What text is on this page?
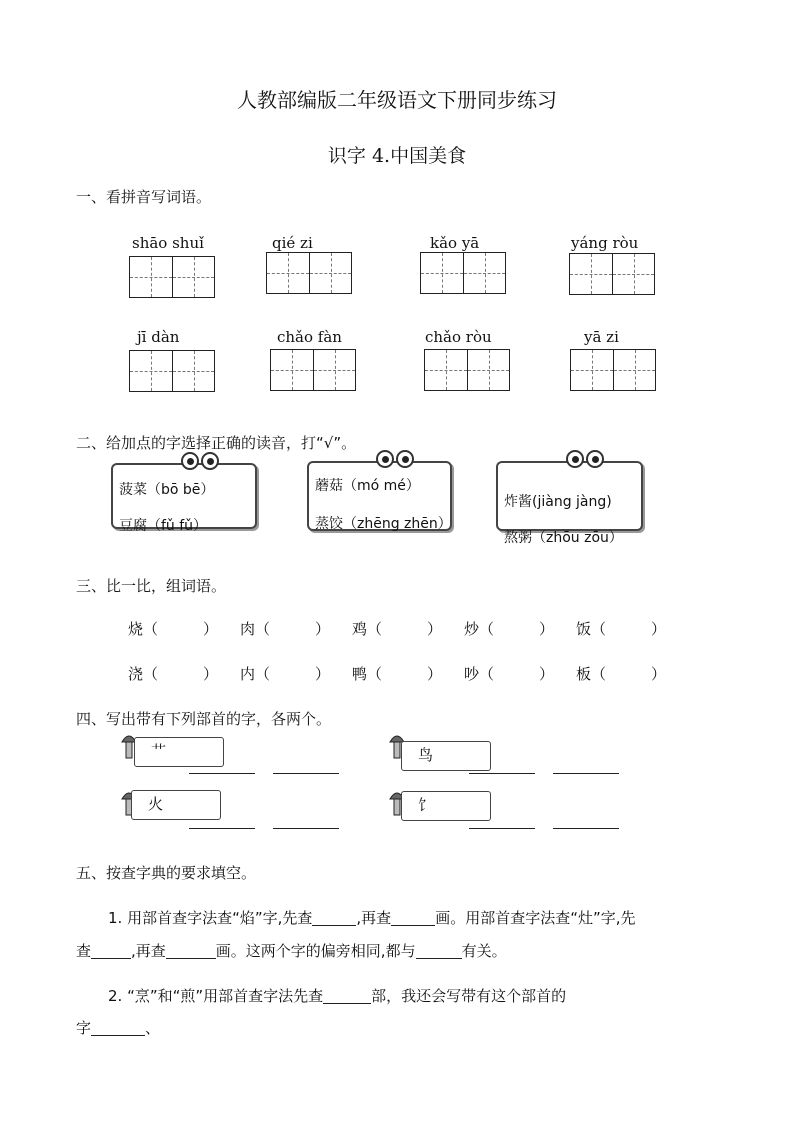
人教部编版二年级语文下册同步练习
识字 4.中国美食
一、看拼音写词语。
shāo shuǐ	qié zi	kǎo yā	yáng ròu
jī dàn	chǎo fàn	chǎo ròu	yā zi
二、给加点的字选择正确的读音，打“√”。
菠菜（bō bē）
豆腐（fǔ fǔ）
蘑菇（mó mé）
蒸饺（zhēng zhēn）
炸酱(jiàng jàng)
熬粥（zhōu zōu）
三、比一比，组词语。
烧（　　　） 肉（　　　） 鸡（　　　） 炒（　　　） 饭（　　　）
浇（　　　） 内（　　　） 鸭（　　　） 吵（　　　） 板（　　　）
四、写出带有下列部首的字，各两个。
艹	鸟
火	饣
五、按查字典的要求填空。
1. 用部首查字法查“焰”字,先查	,再查	画。用部首查字法查“灶”字,先
查	,再查	画。这两个字的偏旁相同,都与	有关。
2. “烹”和“煎”用部首查字法先查	部，我还会写带有这个部首的
字	、
